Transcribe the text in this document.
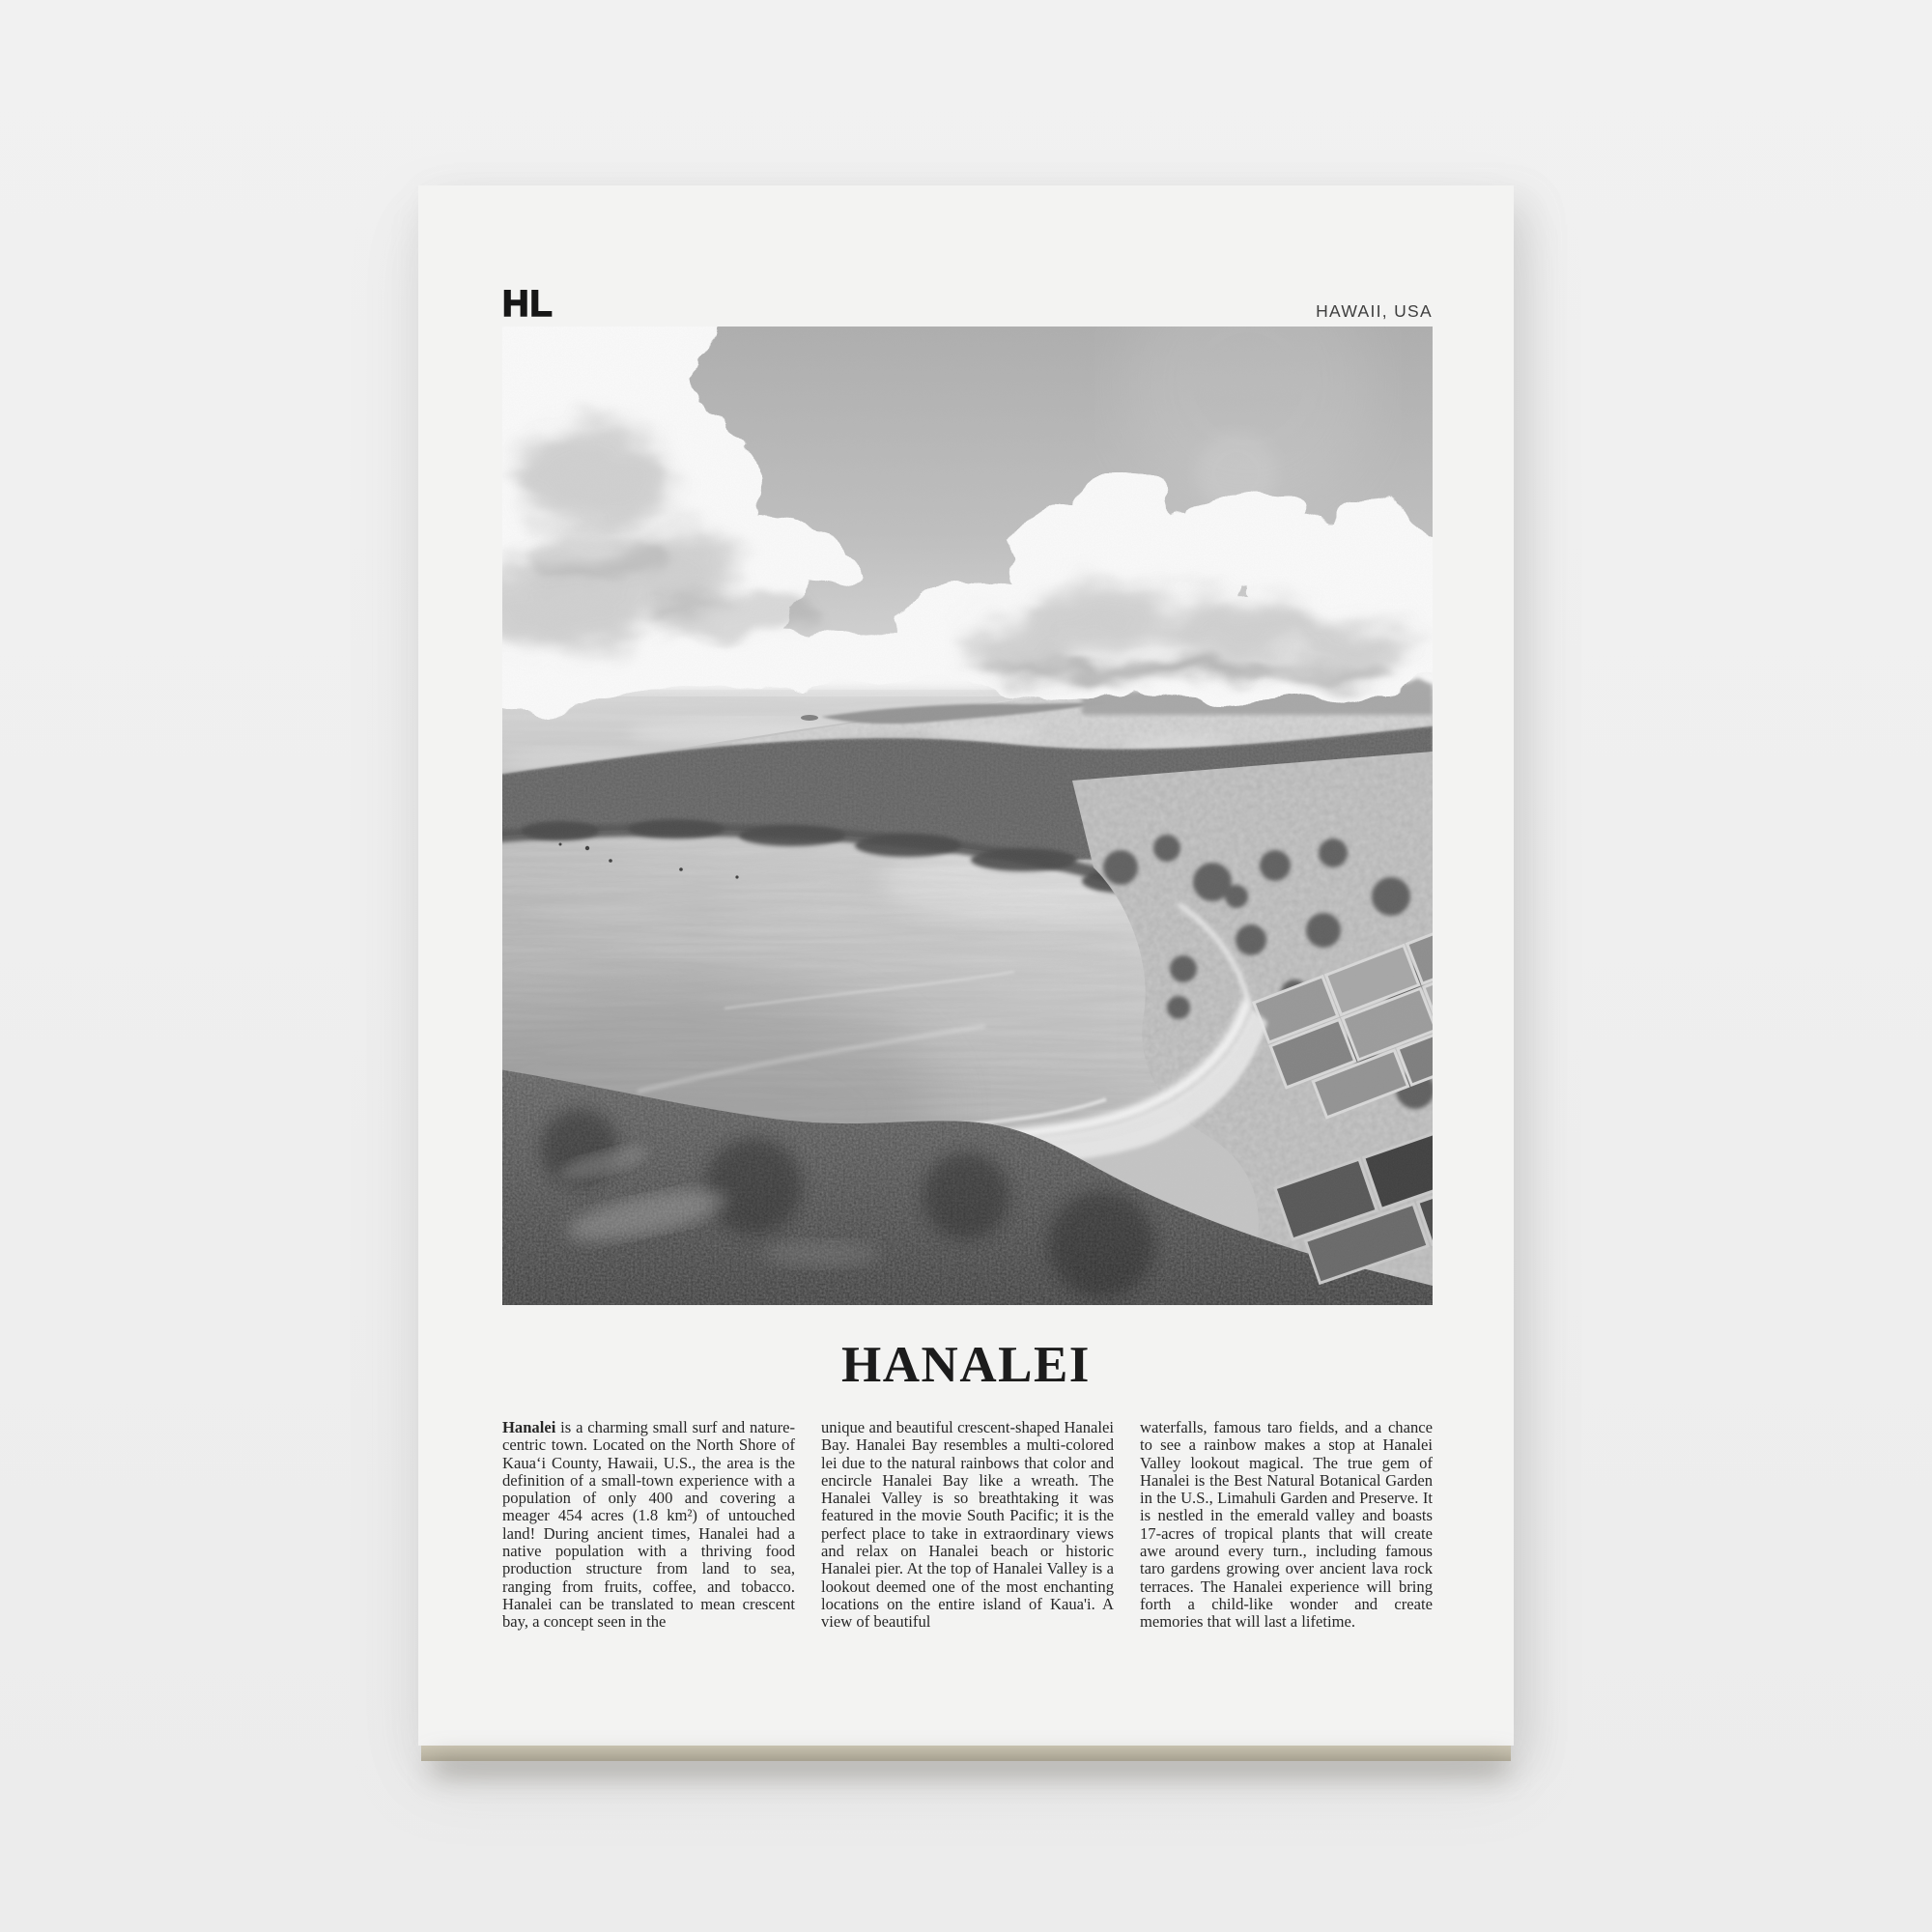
HL	HAWAII, USA
HANALEI

Hanalei is a charming small surf and nature-centric town. Located on the North Shore of Kauaʻi County, Hawaii, U.S., the area is the definition of a small-town experience with a population of only 400 and covering a meager 454 acres (1.8 km²) of untouched land! During ancient times, Hanalei had a native population with a thriving food production structure from land to sea, ranging from fruits, coffee, and tobacco. Hanalei can be translated to mean crescent bay, a concept seen in the

unique and beautiful crescent-shaped Hanalei Bay. Hanalei Bay resembles a multi-colored lei due to the natural rainbows that color and encircle Hanalei Bay like a wreath. The Hanalei Valley is so breathtaking it was featured in the movie South Pacific; it is the perfect place to take in extraordinary views and relax on Hanalei beach or historic Hanalei pier. At the top of Hanalei Valley is a lookout deemed one of the most enchanting locations on the entire island of Kaua'i. A view of beautiful

waterfalls, famous taro fields, and a chance to see a rainbow makes a stop at Hanalei Valley lookout magical. The true gem of Hanalei is the Best Natural Botanical Garden in the U.S., Limahuli Garden and Preserve. It is nestled in the emerald valley and boasts 17-acres of tropical plants that will create awe around every turn., including famous taro gardens growing over ancient lava rock terraces. The Hanalei experience will bring forth a child-like wonder and create memories that will last a lifetime.
